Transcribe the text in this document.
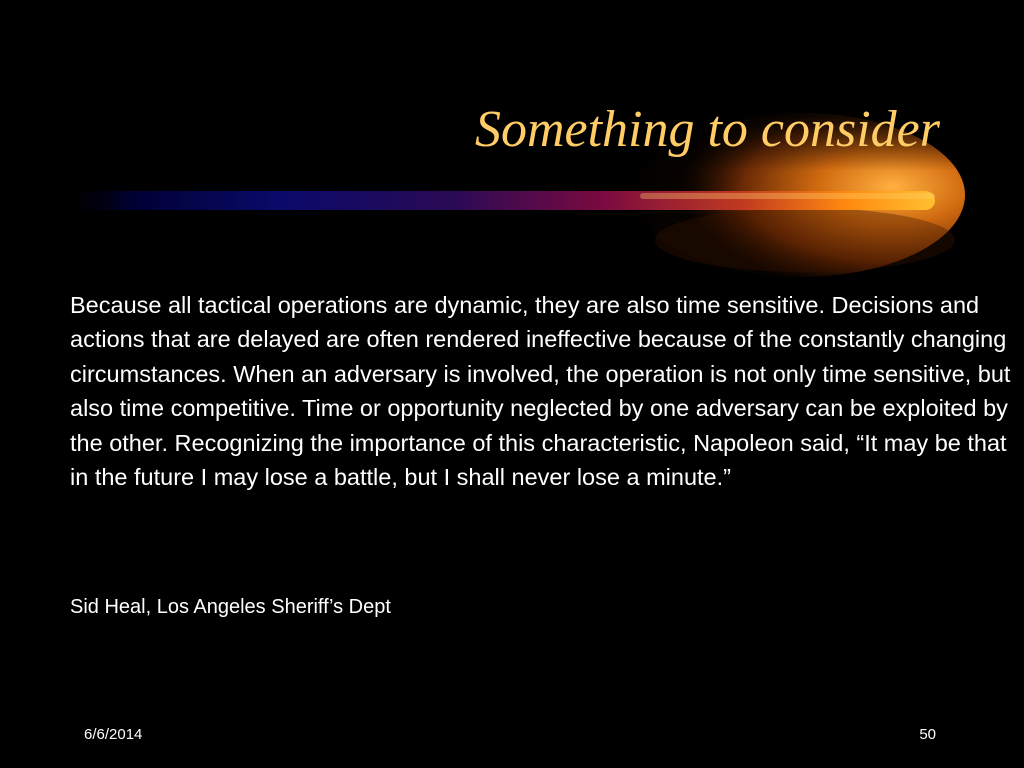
Something to consider

Because all tactical operations are dynamic, they are also time sensitive. Decisions and actions that are delayed are often rendered ineffective because of the constantly changing circumstances. When an adversary is involved, the operation is not only time sensitive, but also time competitive. Time or opportunity neglected by one adversary can be exploited by the other. Recognizing the importance of this characteristic, Napoleon said, “It may be that in the future I may lose a battle, but I shall never lose a minute.”

Sid Heal, Los Angeles Sheriff’s Dept
6/6/2014	50
